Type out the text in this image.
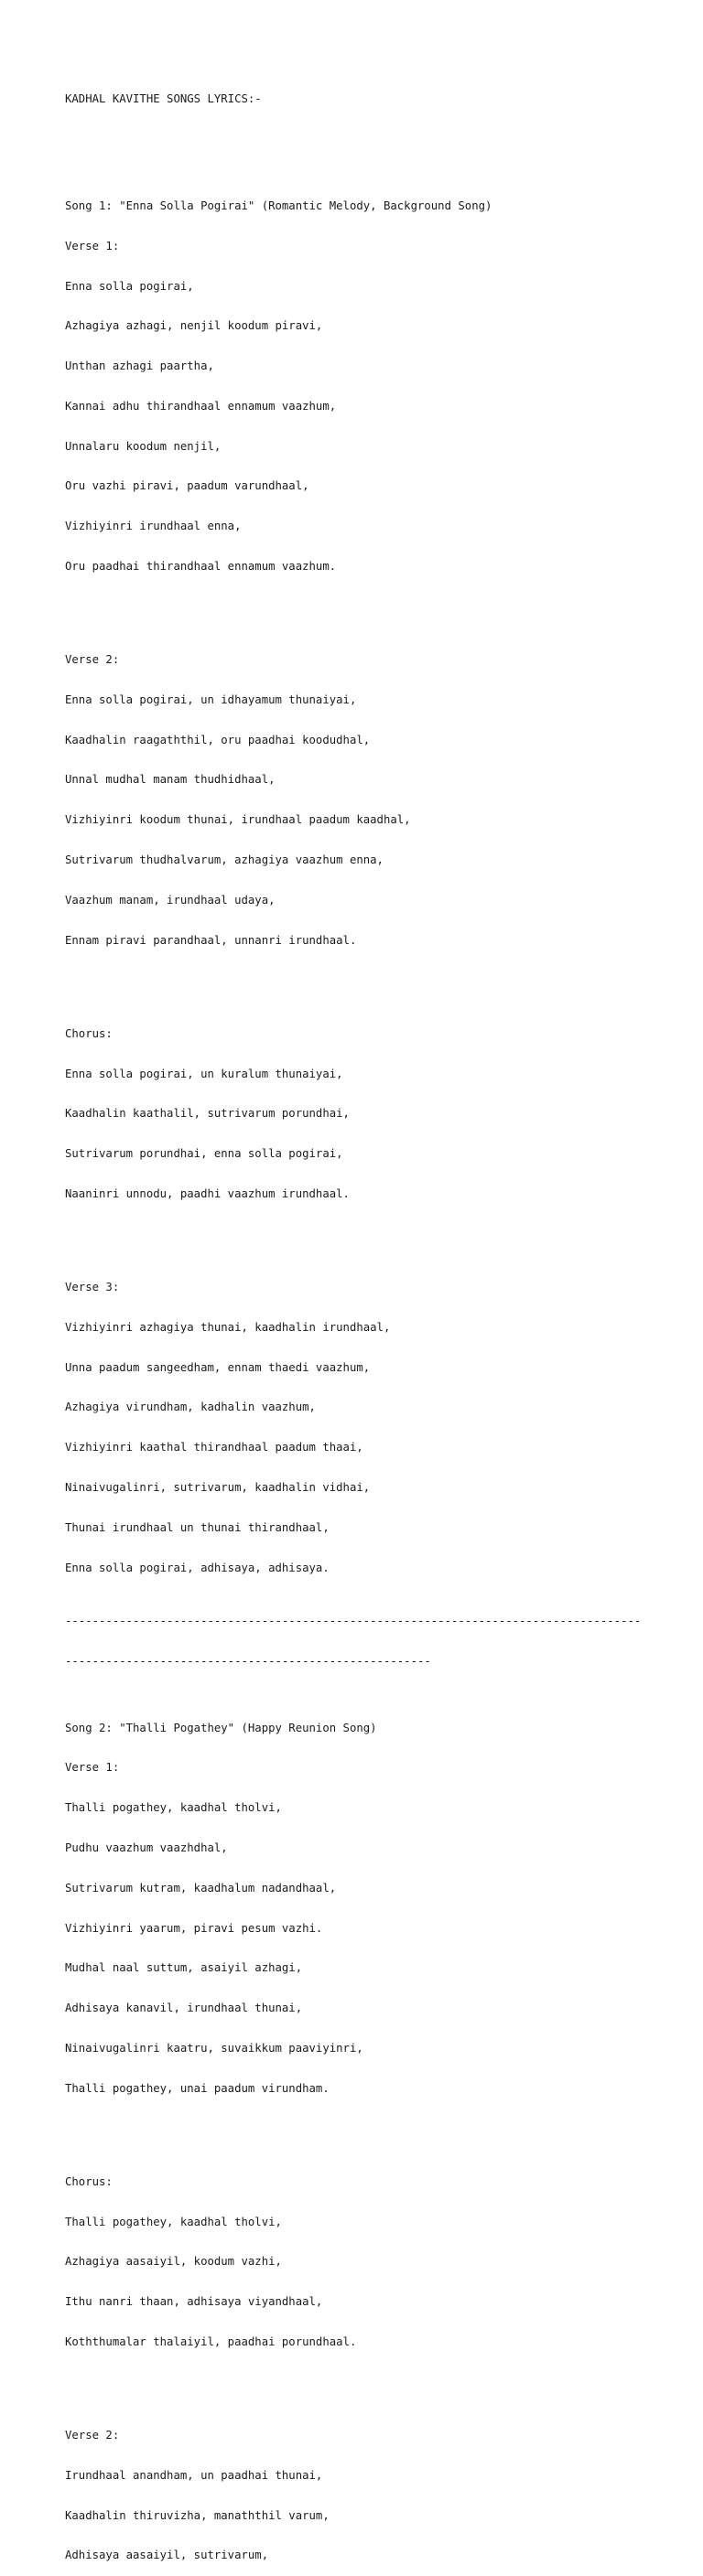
KADHAL KAVITHE SONGS LYRICS:-

Song 1: "Enna Solla Pogirai" (Romantic Melody, Background Song)

Verse 1:

Enna solla pogirai,

Azhagiya azhagi, nenjil koodum piravi,

Unthan azhagi paartha,

Kannai adhu thirandhaal ennamum vaazhum,

Unnalaru koodum nenjil,

Oru vazhi piravi, paadum varundhaal,

Vizhiyinri irundhaal enna,

Oru paadhai thirandhaal ennamum vaazhum.

Verse 2:

Enna solla pogirai, un idhayamum thunaiyai,

Kaadhalin raagaththil, oru paadhai koodudhal,

Unnal mudhal manam thudhidhaal,

Vizhiyinri koodum thunai, irundhaal paadum kaadhal,

Sutrivarum thudhalvarum, azhagiya vaazhum enna,

Vaazhum manam, irundhaal udaya,

Ennam piravi parandhaal, unnanri irundhaal.

Chorus:

Enna solla pogirai, un kuralum thunaiyai,

Kaadhalin kaathalil, sutrivarum porundhai,

Sutrivarum porundhai, enna solla pogirai,

Naaninri unnodu, paadhi vaazhum irundhaal.

Verse 3:

Vizhiyinri azhagiya thunai, kaadhalin irundhaal,

Unna paadum sangeedham, ennam thaedi vaazhum,

Azhagiya virundham, kadhalin vaazhum,

Vizhiyinri kaathal thirandhaal paadum thaai,

Ninaivugalinri, sutrivarum, kaadhalin vidhai,

Thunai irundhaal un thunai thirandhaal,

Enna solla pogirai, adhisaya, adhisaya.

-------------------------------------------------------------------------------------

------------------------------------------------------

Song 2: "Thalli Pogathey" (Happy Reunion Song)

Verse 1:

Thalli pogathey, kaadhal tholvi,

Pudhu vaazhum vaazhdhal,

Sutrivarum kutram, kaadhalum nadandhaal,

Vizhiyinri yaarum, piravi pesum vazhi.

Mudhal naal suttum, asaiyil azhagi,

Adhisaya kanavil, irundhaal thunai,

Ninaivugalinri kaatru, suvaikkum paaviyinri,

Thalli pogathey, unai paadum virundham.

Chorus:

Thalli pogathey, kaadhal tholvi,

Azhagiya aasaiyil, koodum vazhi,

Ithu nanri thaan, adhisaya viyandhaal,

Koththumalar thalaiyil, paadhai porundhaal.

Verse 2:

Irundhaal anandham, un paadhai thunai,

Kaadhalin thiruvizha, manaththil varum,

Adhisaya aasaiyil, sutrivarum,
